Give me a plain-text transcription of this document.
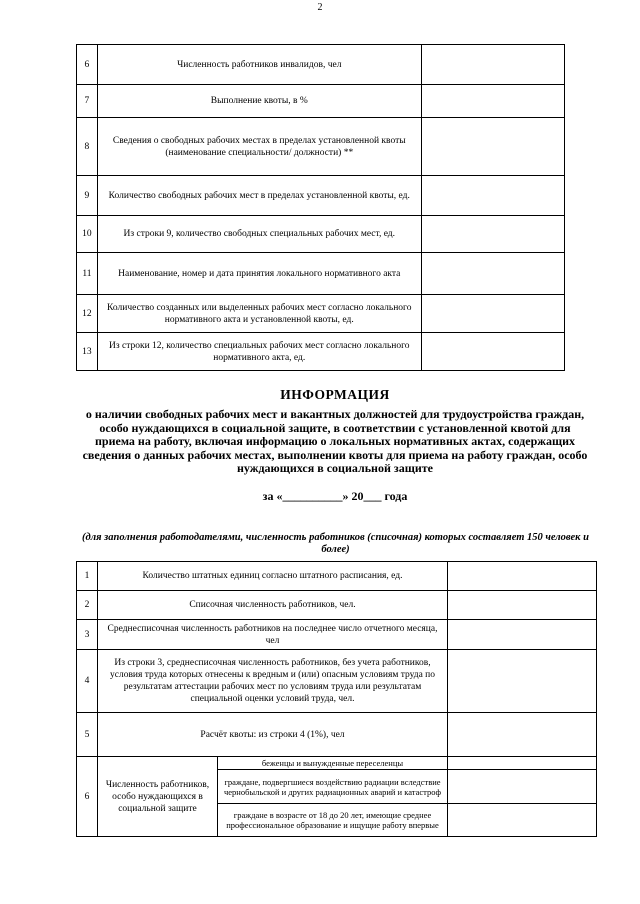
2
6	Численность работников инвалидов, чел	
7	Выполнение квоты, в %	
8	Сведения о свободных рабочих местах в пределах установленной квоты (наименование специальности/ должности) **	
9	Количество свободных рабочих мест в пределах установленной квоты, ед.	
10	Из строки 9, количество свободных специальных рабочих мест, ед.	
11	Наименование, номер и дата принятия локального нормативного акта	
12	Количество созданных или выделенных рабочих мест согласно локального нормативного акта и установленной квоты, ед.	
13	Из строки 12, количество специальных рабочих мест согласно локального нормативного акта, ед.	
ИНФОРМАЦИЯ
о наличии свободных рабочих мест и вакантных должностей для трудоустройства граждан, особо нуждающихся в социальной защите, в соответствии с установленной квотой для приема на работу, включая информацию о локальных нормативных актах, содержащих сведения о данных рабочих местах, выполнении квоты для приема на работу граждан, особо нуждающихся в социальной защите
за «__________» 20___ года
(для заполнения работодателями, численность работников (списочная) которых составляет 150 человек и более)
1	Количество штатных единиц согласно штатного расписания, ед.		
2	Списочная численность работников, чел.		
3	Среднесписочная численность работников на последнее число отчетного месяца, чел		
4	Из строки 3, среднесписочная численность работников, без учета работников, условия труда которых отнесены к вредным и (или) опасным условиям труда по результатам аттестации рабочих мест по условиям труда или результатам специальной оценки условий труда, чел.		
5	Расчёт квоты: из строки 4 (1%), чел		
6	Численность работников, особо нуждающихся в социальной защите	беженцы и вынужденные переселенцы	
		граждане, подвергшиеся воздействию радиации вследствие чернобыльской и других радиационных аварий и катастроф	
		граждане в возрасте от 18 до 20 лет, имеющие среднее профессиональное образование и ищущие работу впервые	
